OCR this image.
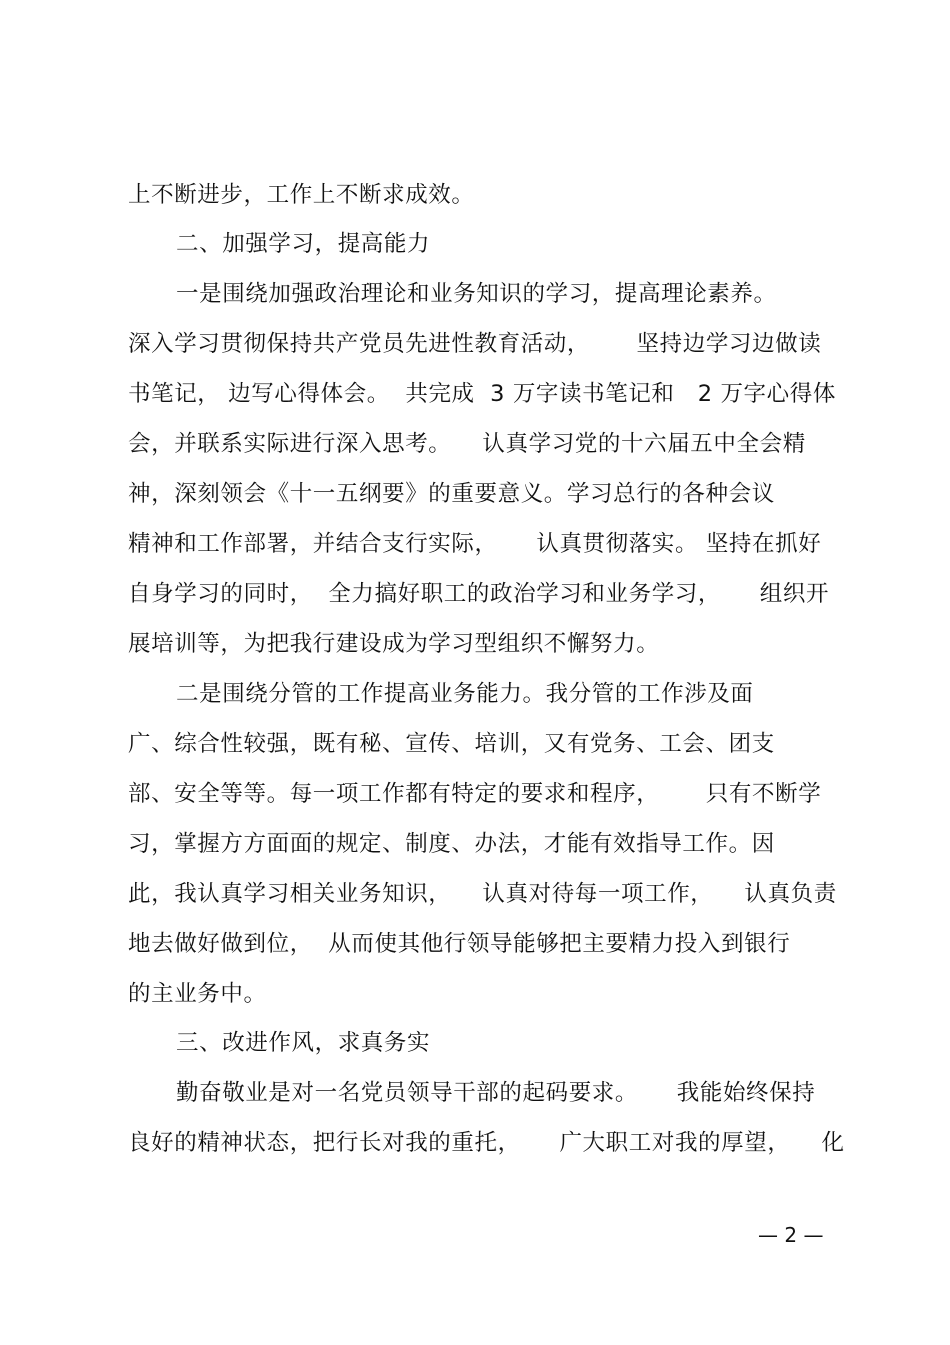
上不断进步，工作上不断求成效。
二、加强学习，提高能力
一是围绕加强政治理论和业务知识的学习，提高理论素养。
深入学习贯彻保持共产党员先进性教育活动，      坚持边学习边做读
书笔记， 边写心得体会。  共完成  3 万字读书笔记和   2 万字心得体
会，并联系实际进行深入思考。    认真学习党的十六届五中全会精
神，深刻领会《十一五纲要》的重要意义。学习总行的各种会议
精神和工作部署，并结合支行实际，     认真贯彻落实。 坚持在抓好
自身学习的同时，  全力搞好职工的政治学习和业务学习，     组织开
展培训等，为把我行建设成为学习型组织不懈努力。
二是围绕分管的工作提高业务能力。我分管的工作涉及面
广、综合性较强，既有秘、宣传、培训，又有党务、工会、团支
部、安全等等。每一项工作都有特定的要求和程序，      只有不断学
习，掌握方方面面的规定、制度、办法，才能有效指导工作。因
此，我认真学习相关业务知识，    认真对待每一项工作，    认真负责
地去做好做到位，  从而使其他行领导能够把主要精力投入到银行
的主业务中。
三、改进作风，求真务实
勤奋敬业是对一名党员领导干部的起码要求。     我能始终保持
良好的精神状态，把行长对我的重托，     广大职工对我的厚望，    化
— 2 —
